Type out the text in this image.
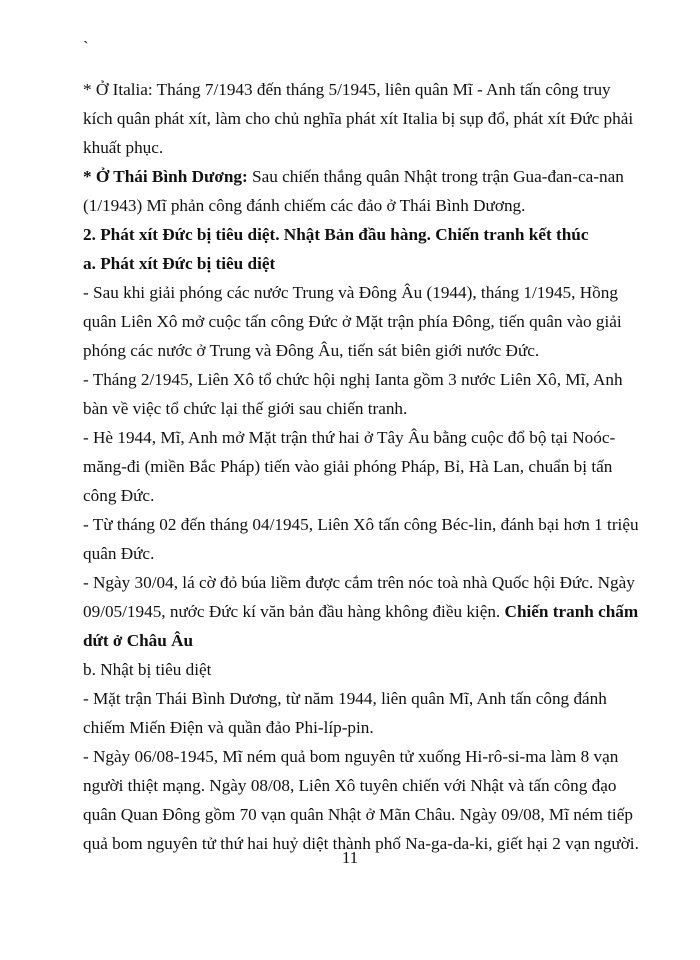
`

* Ở Italia: Tháng 7/1943 đến tháng 5/1945, liên quân Mĩ - Anh tấn công truy kích quân phát xít, làm cho chủ nghĩa phát xít Italia bị sụp đổ, phát xít Đức phải khuất phục.

* Ở Thái Bình Dương: Sau chiến thắng quân Nhật trong trận Gua-đan-ca-nan (1/1943) Mĩ phản công đánh chiếm các đảo ở Thái Bình Dương.

2. Phát xít Đức bị tiêu diệt. Nhật Bản đầu hàng. Chiến tranh kết thúc

a. Phát xít Đức bị tiêu diệt

- Sau khi giải phóng các nước Trung và Đông Âu (1944), tháng 1/1945, Hồng quân Liên Xô mở cuộc tấn công Đức ở Mặt trận phía Đông, tiến quân vào giải phóng các nước ở Trung và Đông Âu, tiến sát biên giới nước Đức.

- Tháng 2/1945, Liên Xô tổ chức hội nghị Ianta gồm 3 nước Liên Xô, Mĩ, Anh bàn về việc tổ chức lại thế giới sau chiến tranh.

- Hè 1944, Mĩ, Anh mở Mặt trận thứ hai ở Tây Âu bằng cuộc đổ bộ tại Noóc-măng-đi (miền Bắc Pháp) tiến vào giải phóng Pháp, Bỉ, Hà Lan, chuẩn bị tấn công Đức.

- Từ tháng 02 đến tháng 04/1945, Liên Xô tấn công Béc-lin, đánh bại hơn 1 triệu quân Đức.

- Ngày 30/04, lá cờ đỏ búa liềm được cắm trên nóc toà nhà Quốc hội Đức. Ngày 09/05/1945, nước Đức kí văn bản đầu hàng không điều kiện. Chiến tranh chấm dứt ở Châu Âu

b. Nhật bị tiêu diệt

- Mặt trận Thái Bình Dương, từ năm 1944, liên quân Mĩ, Anh tấn công đánh chiếm Miến Điện và quần đảo Phi-líp-pin.

- Ngày 06/08-1945, Mĩ ném quả bom nguyên tử xuống Hi-rô-si-ma làm 8 vạn người thiệt mạng. Ngày 08/08, Liên Xô tuyên chiến với Nhật và tấn công đạo quân Quan Đông gồm 70 vạn quân Nhật ở Mãn Châu. Ngày 09/08, Mĩ ném tiếp quả bom nguyên tử thứ hai huỷ diệt thành phố Na-ga-da-ki, giết hại 2 vạn người.

11
